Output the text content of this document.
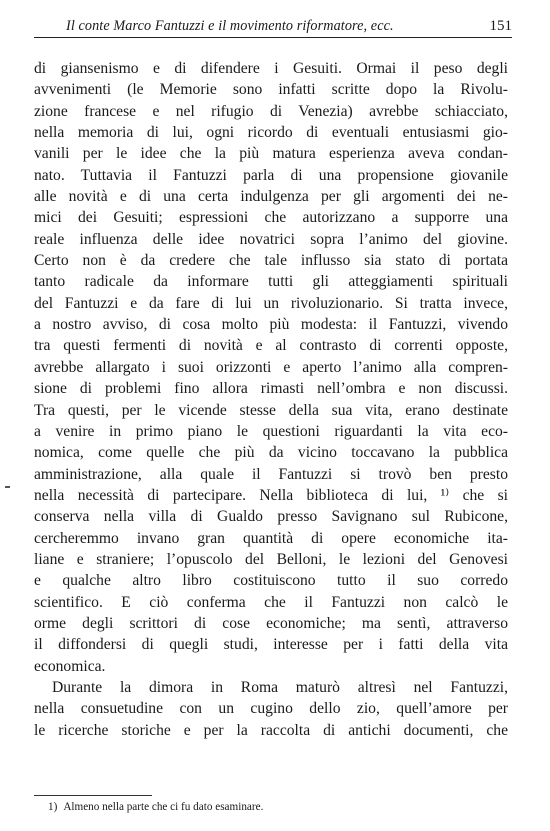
Il conte Marco Fantuzzi e il movimento riformatore, ecc.	151
di giansenismo e di difendere i Gesuiti. Ormai il peso degli
avvenimenti (le Memorie sono infatti scritte dopo la Rivolu-
zione francese e nel rifugio di Venezia) avrebbe schiacciato,
nella memoria di lui, ogni ricordo di eventuali entusiasmi gio-
vanili per le idee che la più matura esperienza aveva condan-
nato. Tuttavia il Fantuzzi parla di una propensione giovanile
alle novità e di una certa indulgenza per gli argomenti dei ne-
mici dei Gesuiti; espressioni che autorizzano a supporre una
reale influenza delle idee novatrici sopra l’animo del giovine.
Certo non è da credere che tale influsso sia stato di portata
tanto radicale da informare tutti gli atteggiamenti spirituali
del Fantuzzi e da fare di lui un rivoluzionario. Si tratta invece,
a nostro avviso, di cosa molto più modesta: il Fantuzzi, vivendo
tra questi fermenti di novità e al contrasto di correnti opposte,
avrebbe allargato i suoi orizzonti e aperto l’animo alla compren-
sione di problemi fino allora rimasti nell’ombra e non discussi.
Tra questi, per le vicende stesse della sua vita, erano destinate
a venire in primo piano le questioni riguardanti la vita eco-
nomica, come quelle che più da vicino toccavano la pubblica
amministrazione, alla quale il Fantuzzi si trovò ben presto
nella necessità di partecipare. Nella biblioteca di lui, ¹⁾ che si
conserva nella villa di Gualdo presso Savignano sul Rubicone,
cercheremmo invano gran quantità di opere economiche ita-
liane e straniere; l’opuscolo del Belloni, le lezioni del Genovesi
e qualche altro libro costituiscono tutto il suo corredo
scientifico. E ciò conferma che il Fantuzzi non calcò le
orme degli scrittori di cose economiche; ma sentì, attraverso
il diffondersi di quegli studi, interesse per i fatti della vita
economica.
Durante la dimora in Roma maturò altresì nel Fantuzzi,
nella consuetudine con un cugino dello zio, quell’amore per
le ricerche storiche e per la raccolta di antichi documenti, che
1) Almeno nella parte che ci fu dato esaminare.
